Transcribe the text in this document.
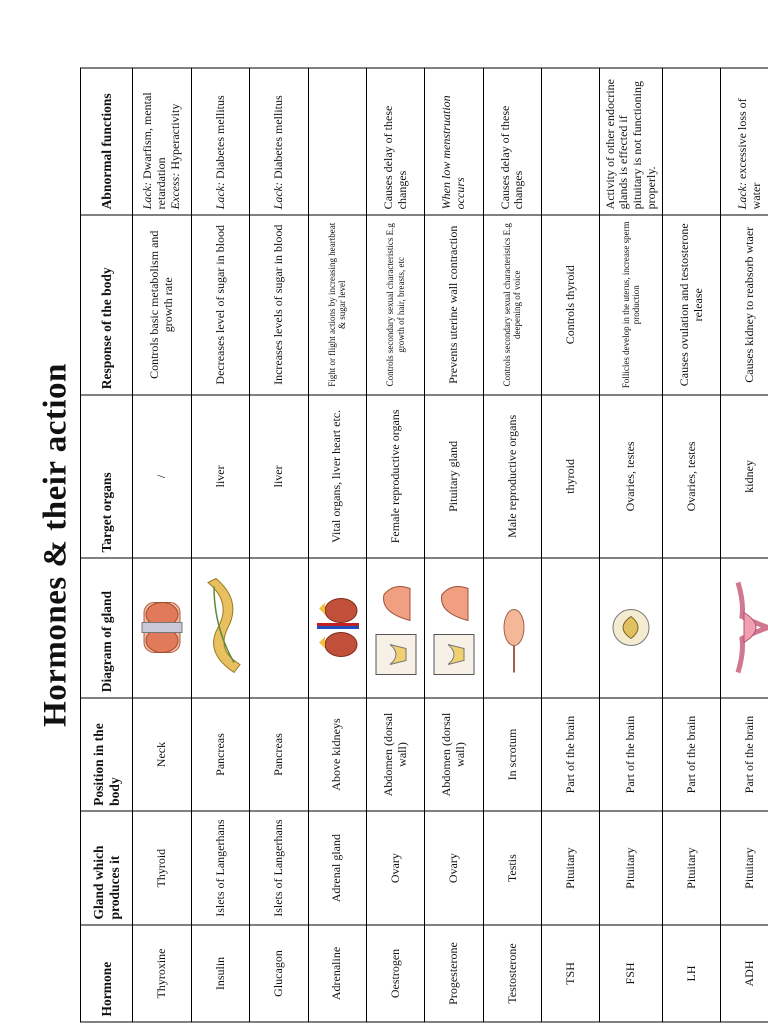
Hormones & their action
Hormone	Gland which produces it	Position in the body	Diagram of gland	Target organs	Response of the body	Abnormal functions
Thyroxine	Thyroid	Neck		/	Controls basic metabolism and growth rate	Lack: Dwarfism, mental retardation
Excess: Hyperactivity
Insulin	Islets of Langerhans	Pancreas		liver	Decreases level of sugar in blood	Lack: Diabetes mellitus
Glucagon	Islets of Langerhans	Pancreas		liver	Increases levels of sugar in blood	Lack: Diabetes mellitus
Adrenaline	Adrenal gland	Above kidneys		Vital organs, liver heart etc.	Fight or flight actions by increasing heartbeat & sugar level	
Oestrogen	Ovary	Abdomen (dorsal wall)		Female reproductive organs	Controls secondary sexual characteristics E.g growth of hair, breasts, etc	Causes delay of these changes
Progesterone	Ovary	Abdomen (dorsal wall)		Pituitary gland	Prevents uterine wall contraction	When low menstruation occurs
Testosterone	Testis	In scrotum		Male reproductive organs	Controls secondary sexual characteristics E.g deepening of voice	Causes delay of these changes
TSH	Pituitary	Part of the brain		thyroid	Controls thyroid	
FSH	Pituitary	Part of the brain		Ovaries, testes	Follicles develop in the uterus, increase sperm production	Activity of other endocrine glands is effected if pituitary is not functioning properly.
LH	Pituitary	Part of the brain		Ovaries, testes	Causes ovulation and testosterone release	
ADH	Pituitary	Part of the brain		kidney	Causes kidney to reabsorb wtaer	Lack: excessive loss of water
